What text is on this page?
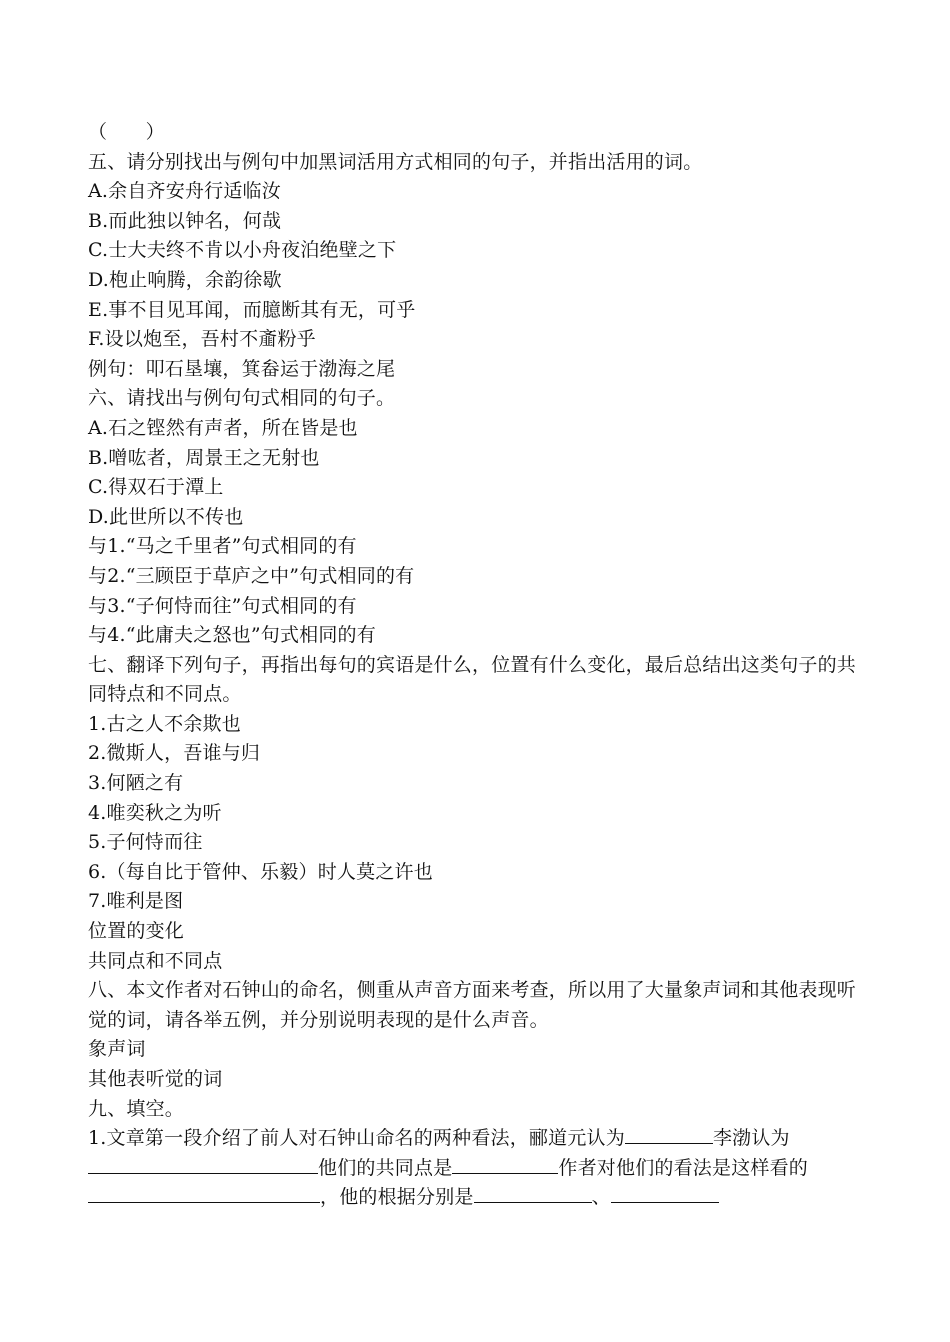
（　　）
五、请分别找出与例句中加黑词活用方式相同的句子，并指出活用的词。
A.余自齐安舟行适临汝
B.而此独以钟名，何哉
C.士大夫终不肯以小舟夜泊绝壁之下
D.枹止响腾，余韵徐歇
E.事不目见耳闻，而臆断其有无，可乎
F.设以炮至，吾村不齑粉乎
例句：叩石垦壤，箕畚运于渤海之尾
六、请找出与例句句式相同的句子。
A.石之铿然有声者，所在皆是也
B.噌吰者，周景王之无射也
C.得双石于潭上
D.此世所以不传也
与1.“马之千里者”句式相同的有
与2.“三顾臣于草庐之中”句式相同的有
与3.“子何恃而往”句式相同的有
与4.“此庸夫之怒也”句式相同的有
七、翻译下列句子，再指出每句的宾语是什么，位置有什么变化，最后总结出这类句子的共同特点和不同点。
1.古之人不余欺也
2.微斯人，吾谁与归
3.何陋之有
4.唯奕秋之为听
5.子何恃而往
6.（每自比于管仲、乐毅）时人莫之许也
7.唯利是图
位置的变化
共同点和不同点
八、本文作者对石钟山的命名，侧重从声音方面来考查，所以用了大量象声词和其他表现听觉的词，请各举五例，并分别说明表现的是什么声音。
象声词
其他表听觉的词
九、填空。
1.文章第一段介绍了前人对石钟山命名的两种看法，郦道元认为	李渤认为他们的共同点是	作者对他们的看法是这样看的，他的根据分别是	、
